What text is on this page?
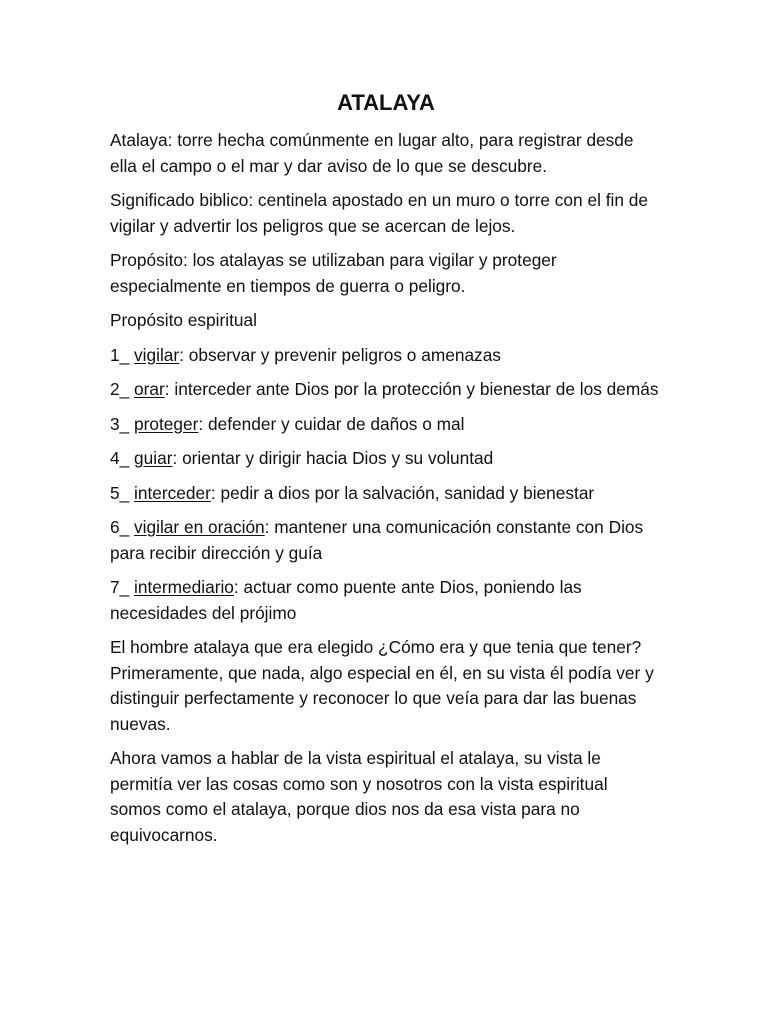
ATALAYA

Atalaya: torre hecha comúnmente en lugar alto, para registrar desde ella el campo o el mar y dar aviso de lo que se descubre.

Significado biblico: centinela apostado en un muro o torre con el fin de vigilar y advertir los peligros que se acercan de lejos.

Propósito: los atalayas se utilizaban para vigilar y proteger especialmente en tiempos de guerra o peligro.

Propósito espiritual

1_ vigilar: observar y prevenir peligros o amenazas

2_ orar: interceder ante Dios por la protección y bienestar de los demás

3_ proteger: defender y cuidar de daños o mal

4_ guiar: orientar y dirigir hacia Dios y su voluntad

5_ interceder: pedir a dios por la salvación, sanidad y bienestar

6_ vigilar en oración: mantener una comunicación constante con Dios para recibir dirección y guía

7_ intermediario: actuar como puente ante Dios, poniendo las necesidades del prójimo

El hombre atalaya que era elegido ¿Cómo era y que tenia que tener? Primeramente, que nada, algo especial en él, en su vista él podía ver y distinguir perfectamente y reconocer lo que veía para dar las buenas nuevas.

Ahora vamos a hablar de la vista espiritual el atalaya, su vista le permitía ver las cosas como son y nosotros con la vista espiritual somos como el atalaya, porque dios nos da esa vista para no equivocarnos.
